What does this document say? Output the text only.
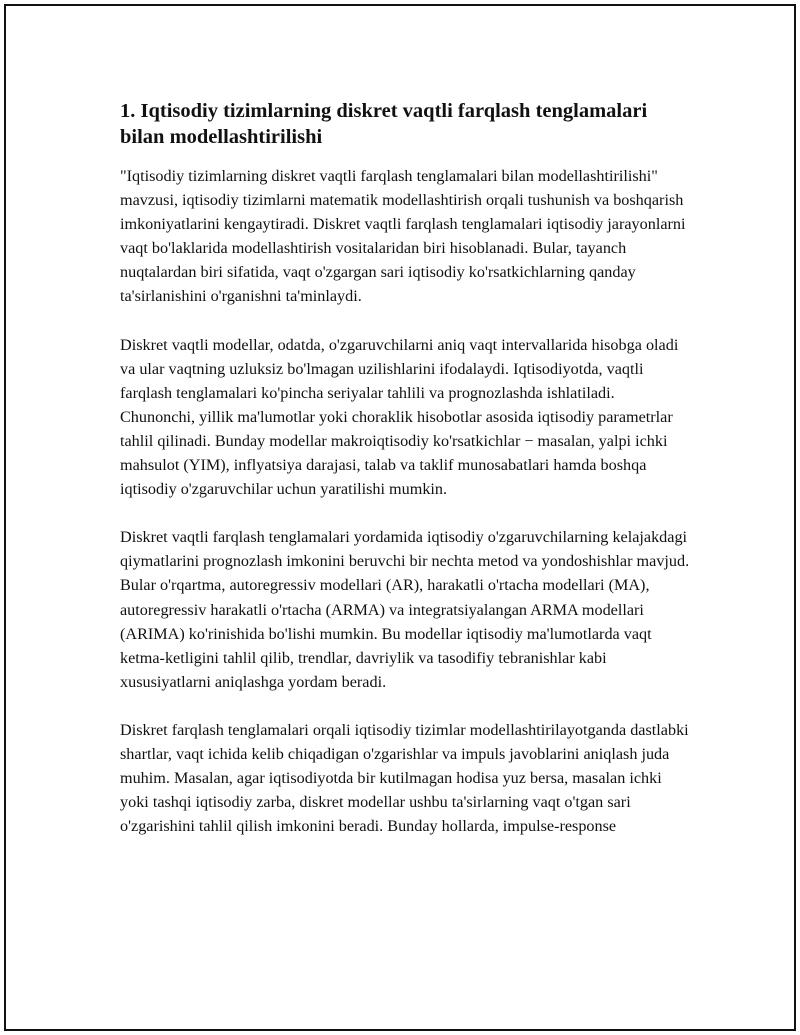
1. Iqtisodiy tizimlarning diskret vaqtli farqlash tenglamalari bilan modellashtirilishi

"Iqtisodiy tizimlarning diskret vaqtli farqlash tenglamalari bilan modellashtirilishi" mavzusi, iqtisodiy tizimlarni matematik modellashtirish orqali tushunish va boshqarish imkoniyatlarini kengaytiradi. Diskret vaqtli farqlash tenglamalari iqtisodiy jarayonlarni vaqt bo'laklarida modellashtirish vositalaridan biri hisoblanadi. Bular, tayanch nuqtalardan biri sifatida, vaqt o'zgargan sari iqtisodiy ko'rsatkichlarning qanday ta'sirlanishini o'rganishni ta'minlaydi.

Diskret vaqtli modellar, odatda, o'zgaruvchilarni aniq vaqt intervallarida hisobga oladi va ular vaqtning uzluksiz bo'lmagan uzilishlarini ifodalaydi. Iqtisodiyotda, vaqtli farqlash tenglamalari ko'pincha seriyalar tahlili va prognozlashda ishlatiladi. Chunonchi, yillik ma'lumotlar yoki choraklik hisobotlar asosida iqtisodiy parametrlar tahlil qilinadi. Bunday modellar makroiqtisodiy ko'rsatkichlar − masalan, yalpi ichki mahsulot (YIM), inflyatsiya darajasi, talab va taklif munosabatlari hamda boshqa iqtisodiy o'zgaruvchilar uchun yaratilishi mumkin.

Diskret vaqtli farqlash tenglamalari yordamida iqtisodiy o'zgaruvchilarning kelajakdagi qiymatlarini prognozlash imkonini beruvchi bir nechta metod va yondoshishlar mavjud. Bular o'rqartma, autoregressiv modellari (AR), harakatli o'rtacha modellari (MA), autoregressiv harakatli o'rtacha (ARMA) va integratsiyalangan ARMA modellari (ARIMA) ko'rinishida bo'lishi mumkin. Bu modellar iqtisodiy ma'lumotlarda vaqt ketma-ketligini tahlil qilib, trendlar, davriylik va tasodifiy tebranishlar kabi xususiyatlarni aniqlashga yordam beradi.

Diskret farqlash tenglamalari orqali iqtisodiy tizimlar modellashtirilayotganda dastlabki shartlar, vaqt ichida kelib chiqadigan o'zgarishlar va impuls javoblarini aniqlash juda muhim. Masalan, agar iqtisodiyotda bir kutilmagan hodisa yuz bersa, masalan ichki yoki tashqi iqtisodiy zarba, diskret modellar ushbu ta'sirlarning vaqt o'tgan sari o'zgarishini tahlil qilish imkonini beradi. Bunday hollarda, impulse-response
